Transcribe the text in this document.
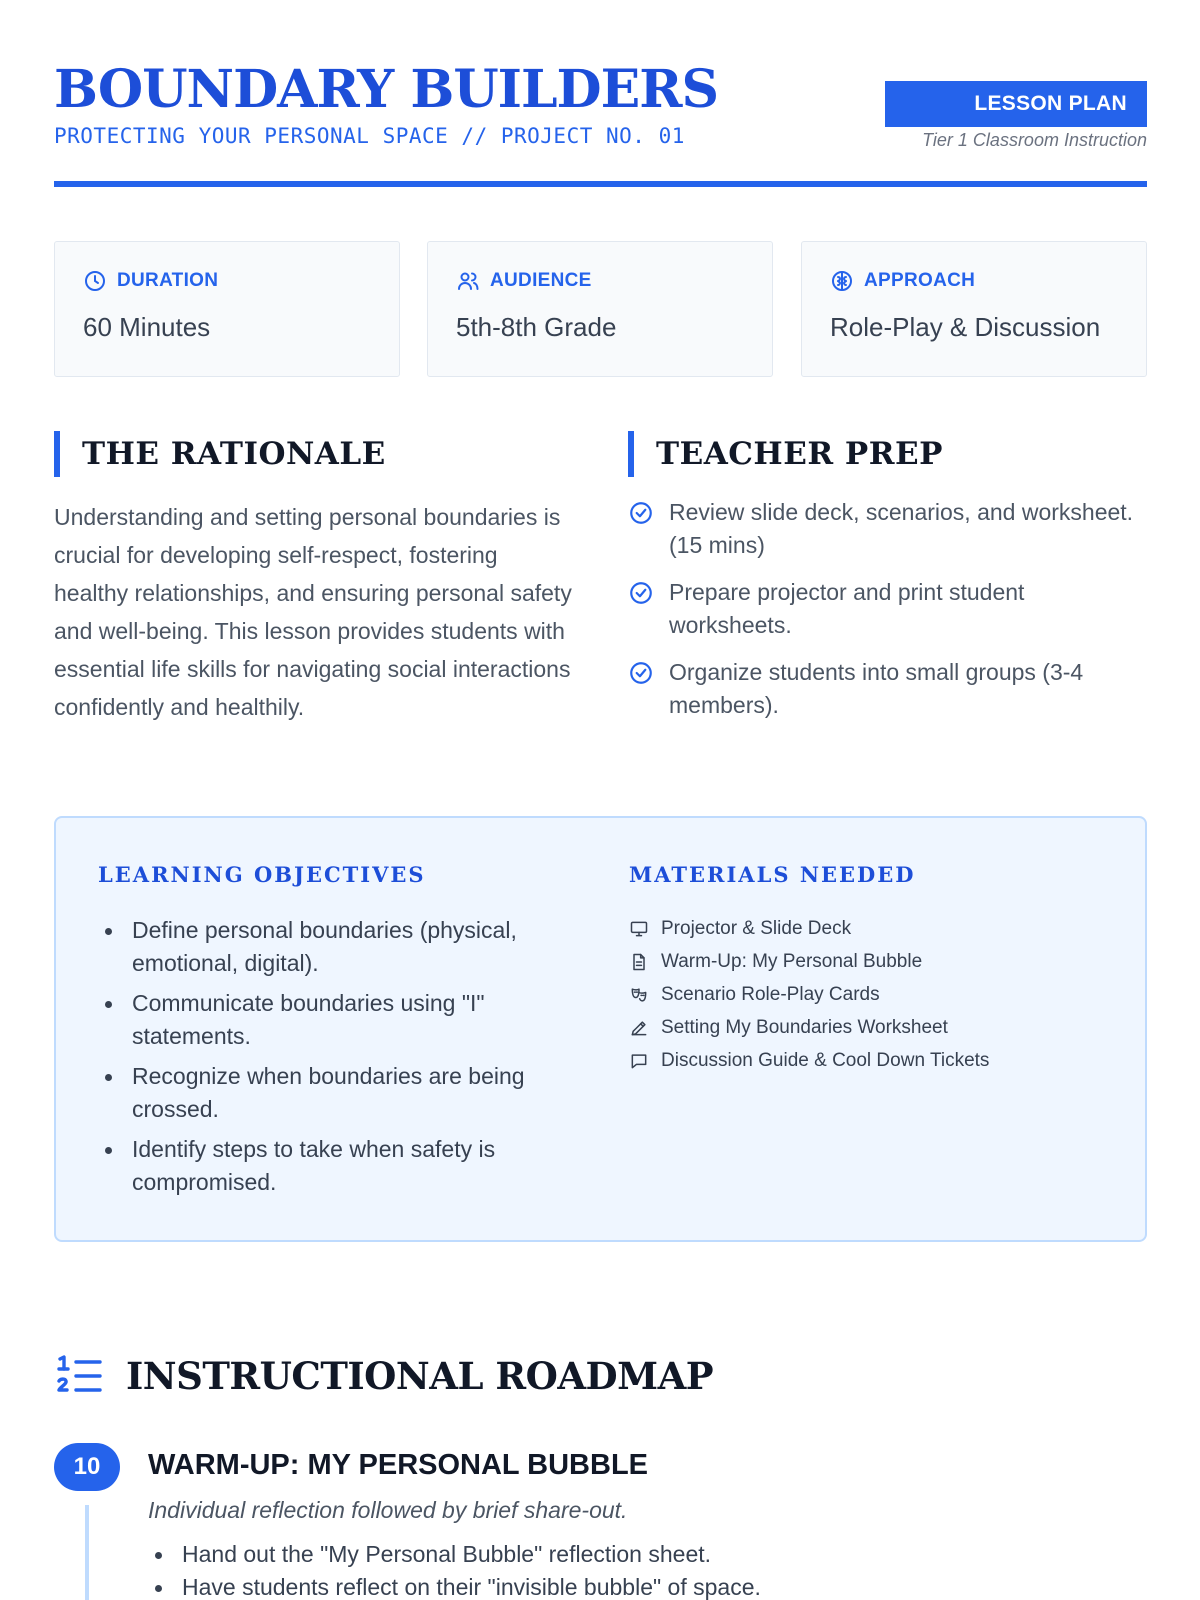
BOUNDARY BUILDERS
PROTECTING YOUR PERSONAL SPACE // PROJECT NO. 01
LESSON PLAN
Tier 1 Classroom Instruction
DURATION
60 Minutes
AUDIENCE
5th-8th Grade
APPROACH
Role-Play & Discussion
THE RATIONALE

Understanding and setting personal boundaries is crucial for developing self-respect, fostering healthy relationships, and ensuring personal safety and well-being. This lesson provides students with essential life skills for navigating social interactions confidently and healthily.

TEACHER PREP
Review slide deck, scenarios, and worksheet. (15 mins)
Prepare projector and print student worksheets.
Organize students into small groups (3-4 members).
LEARNING OBJECTIVES
Define personal boundaries (physical, emotional, digital).
Communicate boundaries using "I" statements.
Recognize when boundaries are being crossed.
Identify steps to take when safety is compromised.
MATERIALS NEEDED
Projector & Slide Deck
Warm-Up: My Personal Bubble
Scenario Role-Play Cards
Setting My Boundaries Worksheet
Discussion Guide & Cool Down Tickets
INSTRUCTIONAL ROADMAP
10	WARM-UP: MY PERSONAL BUBBLE
Individual reflection followed by brief share-out.
Hand out the "My Personal Bubble" reflection sheet.
Have students reflect on their "invisible bubble" of space.
